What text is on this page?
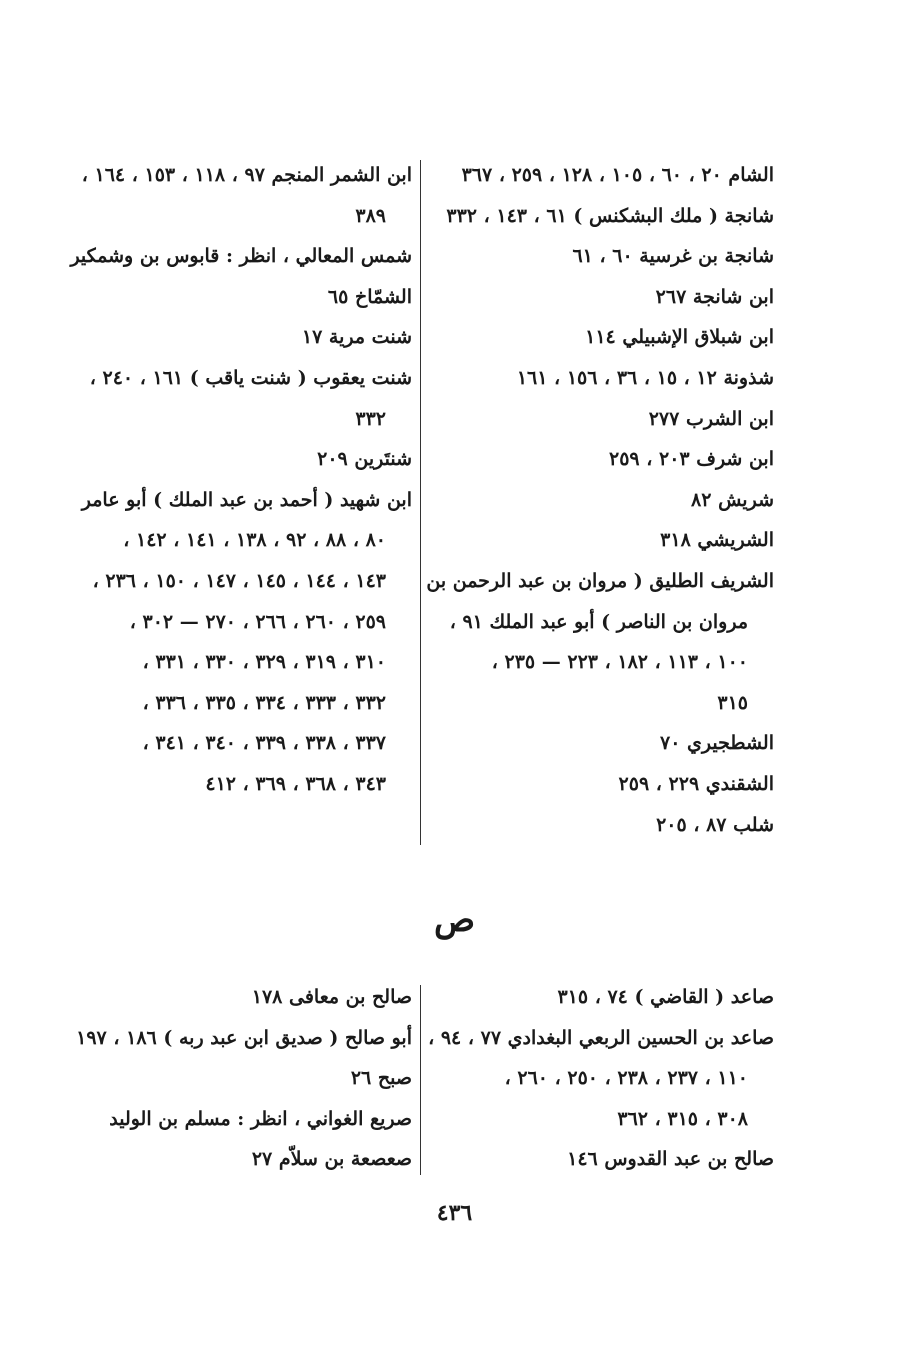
الشام ٢٠ ، ٦٠ ، ١٠٥ ، ١٢٨ ، ٢٥٩ ، ٣٦٧
شانجة ( ملك البشكنس ) ٦١ ، ١٤٣ ، ٣٣٢
شانجة بن غرسية ٦٠ ، ٦١
ابن شانجة ٢٦٧
ابن شبلاق الإشبيلي ١١٤
شذونة ١٢ ، ١٥ ، ٣٦ ، ١٥٦ ، ١٦١
ابن الشرب ٢٧٧
ابن شرف ٢٠٣ ، ٢٥٩
شريش ٨٢
الشريشي ٣١٨
الشريف الطليق ( مروان بن عبد الرحمن بن
مروان بن الناصر ) أبو عبد الملك ٩١ ،
١٠٠ ، ١١٣ ، ١٨٢ ، ٢٢٣ — ٢٣٥ ،
٣١٥
الشطجيري ٧٠
الشقندي ٢٢٩ ، ٢٥٩
شلب ٨٧ ، ٢٠٥
ابن الشمر المنجم ٩٧ ، ١١٨ ، ١٥٣ ، ١٦٤ ،
٣٨٩
شمس المعالي ، انظر : قابوس بن وشمكير
الشمّاخ ٦٥
شنت مرية ١٧
شنت يعقوب ( شنت ياقب ) ١٦١ ، ٢٤٠ ،
٣٣٢
شنتَرين ٢٠٩
ابن شهيد ( أحمد بن عبد الملك ) أبو عامر
٨٠ ، ٨٨ ، ٩٢ ، ١٣٨ ، ١٤١ ، ١٤٢ ،
١٤٣ ، ١٤٤ ، ١٤٥ ، ١٤٧ ، ١٥٠ ، ٢٣٦ ،
٢٥٩ ، ٢٦٠ ، ٢٦٦ ، ٢٧٠ — ٣٠٢ ،
٣١٠ ، ٣١٩ ، ٣٢٩ ، ٣٣٠ ، ٣٣١ ،
٣٣٢ ، ٣٣٣ ، ٣٣٤ ، ٣٣٥ ، ٣٣٦ ،
٣٣٧ ، ٣٣٨ ، ٣٣٩ ، ٣٤٠ ، ٣٤١ ،
٣٤٣ ، ٣٦٨ ، ٣٦٩ ، ٤١٢
ص
صاعد ( القاضي ) ٧٤ ، ٣١٥
صاعد بن الحسين الربعي البغدادي ٧٧ ، ٩٤ ،
١١٠ ، ٢٣٧ ، ٢٣٨ ، ٢٥٠ ، ٢٦٠ ،
٣٠٨ ، ٣١٥ ، ٣٦٢
صالح بن عبد القدوس ١٤٦
صالح بن معافى ١٧٨
أبو صالح ( صديق ابن عبد ربه ) ١٨٦ ، ١٩٧
صبح ٢٦
صريع الغواني ، انظر : مسلم بن الوليد
صعصعة بن سلاّم ٢٧
٤٣٦
